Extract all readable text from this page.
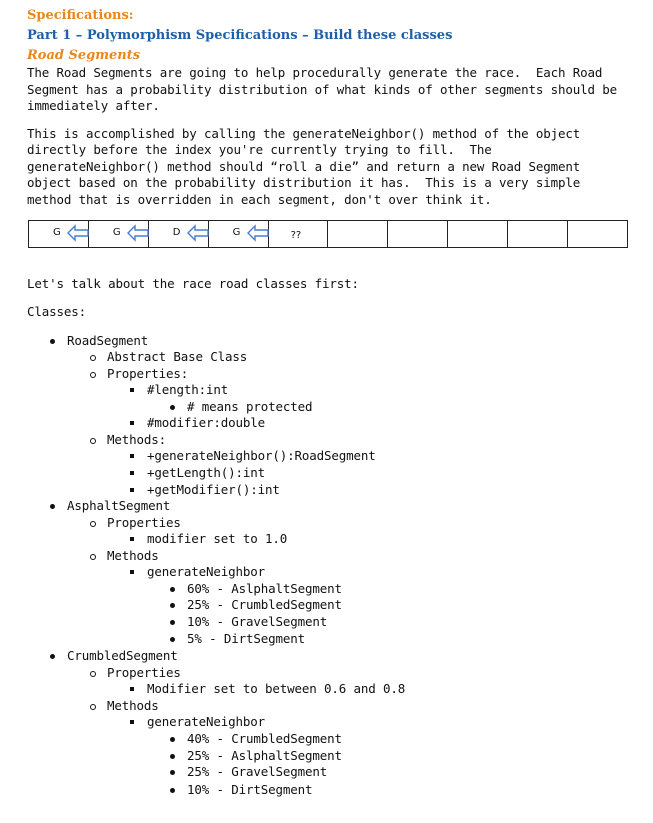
Specifications:
Part 1 – Polymorphism Specifications – Build these classes
Road Segments
The Road Segments are going to help procedurally generate the race.  Each Road
Segment has a probability distribution of what kinds of other segments should be
immediately after.
This is accomplished by calling the generateNeighbor() method of the object
directly before the index you're currently trying to fill.  The
generateNeighbor() method should “roll a die” and return a new Road Segment
object based on the probability distribution it has.  This is a very simple
method that is overridden in each segment, don't over think it.
G	G	D	G	??

Let's talk about the race road classes first:
Classes:
RoadSegment
Abstract Base Class
Properties:
#length:int
# means protected
#modifier:double
Methods:
+generateNeighbor():RoadSegment
+getLength():int
+getModifier():int
AsphaltSegment
Properties
modifier set to 1.0
Methods
generateNeighbor
60% - AslphaltSegment
25% - CrumbledSegment
10% - GravelSegment
5% - DirtSegment
CrumbledSegment
Properties
Modifier set to between 0.6 and 0.8
Methods
generateNeighbor
40% - CrumbledSegment
25% - AslphaltSegment
25% - GravelSegment
10% - DirtSegment
